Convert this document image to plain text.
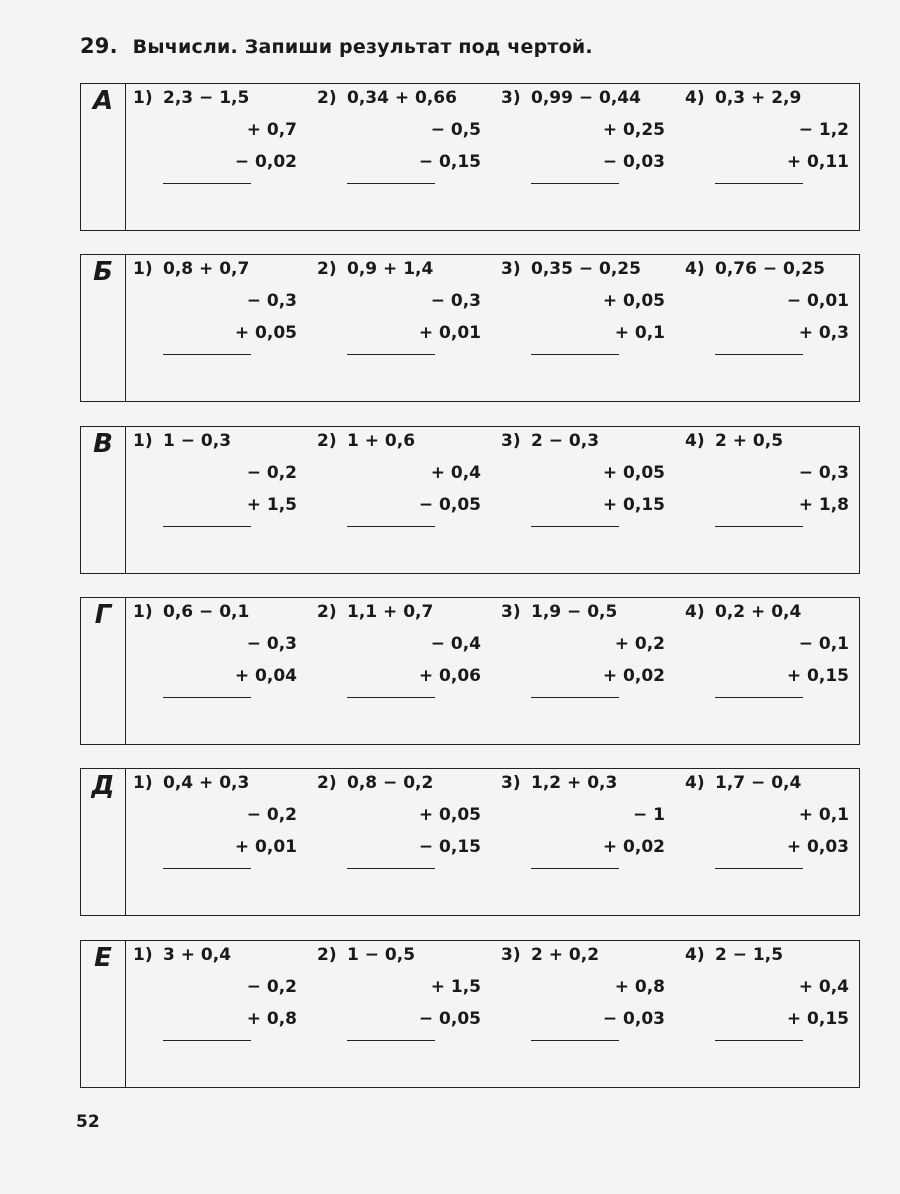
29. Вычисли. Запиши результат под чертой.
А	1) 2,3 − 1,5
+ 0,7
− 0,02
2) 0,34 + 0,66
− 0,5
− 0,15
3) 0,99 − 0,44
+ 0,25
− 0,03
4) 0,3 + 2,9
− 1,2
+ 0,11
Б	1) 0,8 + 0,7
− 0,3
+ 0,05
2) 0,9 + 1,4
− 0,3
+ 0,01
3) 0,35 − 0,25
+ 0,05
+ 0,1
4) 0,76 − 0,25
− 0,01
+ 0,3
В	1) 1 − 0,3
− 0,2
+ 1,5
2) 1 + 0,6
+ 0,4
− 0,05
3) 2 − 0,3
+ 0,05
+ 0,15
4) 2 + 0,5
− 0,3
+ 1,8
Г	1) 0,6 − 0,1
− 0,3
+ 0,04
2) 1,1 + 0,7
− 0,4
+ 0,06
3) 1,9 − 0,5
+ 0,2
+ 0,02
4) 0,2 + 0,4
− 0,1
+ 0,15
Д	1) 0,4 + 0,3
− 0,2
+ 0,01
2) 0,8 − 0,2
+ 0,05
− 0,15
3) 1,2 + 0,3
− 1
+ 0,02
4) 1,7 − 0,4
+ 0,1
+ 0,03
Е	1) 3 + 0,4
− 0,2
+ 0,8
2) 1 − 0,5
+ 1,5
− 0,05
3) 2 + 0,2
+ 0,8
− 0,03
4) 2 − 1,5
+ 0,4
+ 0,15
52
